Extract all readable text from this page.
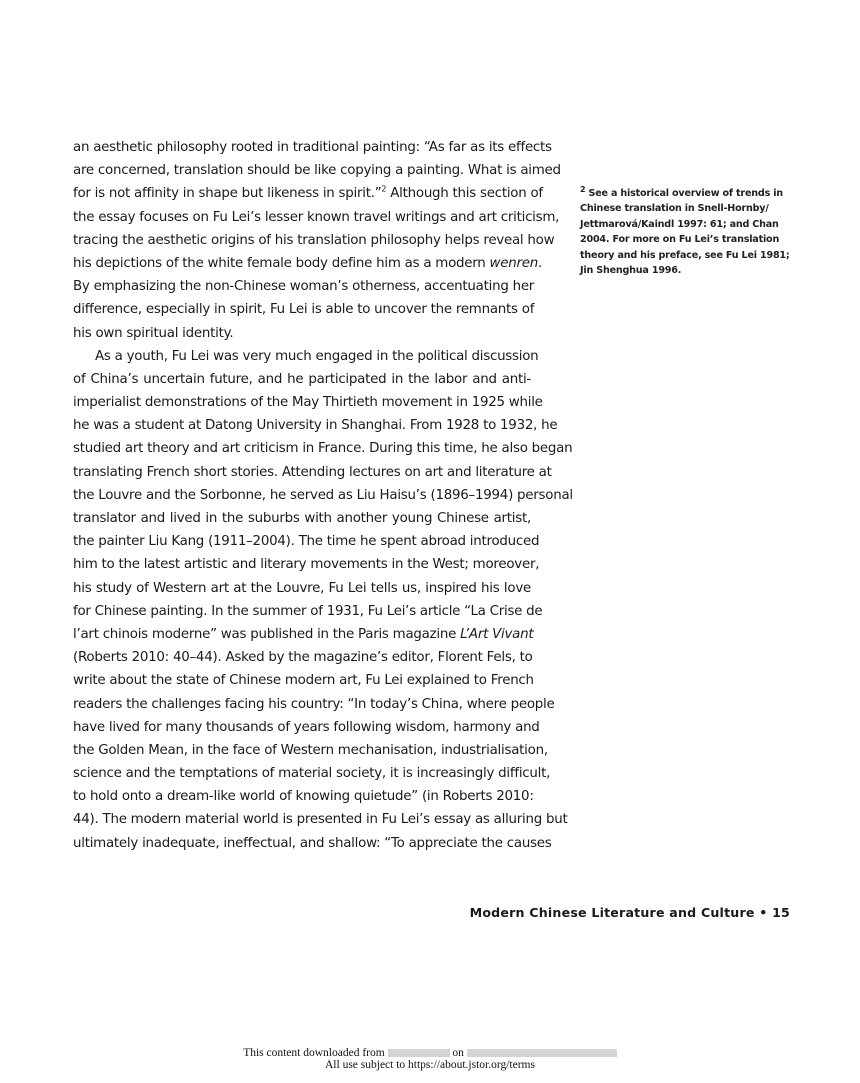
an aesthetic philosophy rooted in traditional painting: “As far as its effects
are concerned, translation should be like copying a painting. What is aimed
for is not affinity in shape but likeness in spirit.”$^2$ Although this section of
the essay focuses on Fu Lei’s lesser known travel writings and art criticism,
tracing the aesthetic origins of his translation philosophy helps reveal how
his depictions of the white female body define him as a modern wenren.
By emphasizing the non-Chinese woman’s otherness, accentuating her
difference, especially in spirit, Fu Lei is able to uncover the remnants of
his own spiritual identity.
As a youth, Fu Lei was very much engaged in the political discussion
of China’s uncertain future, and he participated in the labor and anti-
imperialist demonstrations of the May Thirtieth movement in 1925 while
he was a student at Datong University in Shanghai. From 1928 to 1932, he
studied art theory and art criticism in France. During this time, he also began
translating French short stories. Attending lectures on art and literature at
the Louvre and the Sorbonne, he served as Liu Haisu’s (1896–1994) personal
translator and lived in the suburbs with another young Chinese artist,
the painter Liu Kang (1911–2004). The time he spent abroad introduced
him to the latest artistic and literary movements in the West; moreover,
his study of Western art at the Louvre, Fu Lei tells us, inspired his love
for Chinese painting. In the summer of 1931, Fu Lei’s article “La Crise de
l’art chinois moderne” was published in the Paris magazine L’Art Vivant
(Roberts 2010: 40–44). Asked by the magazine’s editor, Florent Fels, to
write about the state of Chinese modern art, Fu Lei explained to French
readers the challenges facing his country: “In today’s China, where people
have lived for many thousands of years following wisdom, harmony and
the Golden Mean, in the face of Western mechanisation, industrialisation,
science and the temptations of material society, it is increasingly difficult,
to hold onto a dream-like world of knowing quietude” (in Roberts 2010:
44). The modern material world is presented in Fu Lei’s essay as alluring but
ultimately inadequate, ineffectual, and shallow: “To appreciate the causes
$^2$ See a historical overview of trends in Chinese translation in Snell-Hornby/ Jettmarová/Kaindl 1997: 61; and Chan 2004. For more on Fu Lei’s translation theory and his preface, see Fu Lei 1981; Jin Shenghua 1996.
Modern Chinese Literature and Culture • 15
This content downloaded from	on
All use subject to https://about.jstor.org/terms
